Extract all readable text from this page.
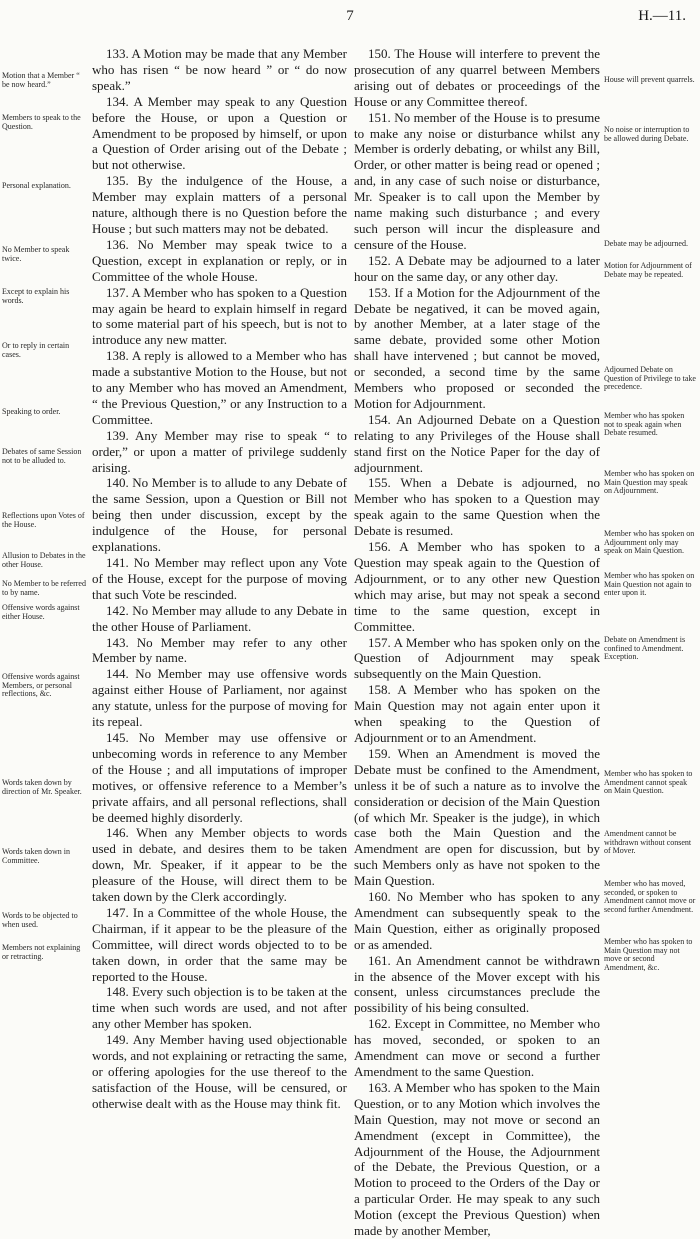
7	H.—11.

133. A Motion may be made that any Member who has risen “ be now heard ” or “ do now speak.”

134. A Member may speak to any Question before the House, or upon a Question or Amendment to be proposed by himself, or upon a Question of Order arising out of the Debate ; but not otherwise.

135. By the indulgence of the House, a Member may explain matters of a personal nature, although there is no Question before the House ; but such matters may not be debated.

136. No Member may speak twice to a Question, except in explanation or reply, or in Committee of the whole House.

137. A Member who has spoken to a Question may again be heard to explain himself in regard to some material part of his speech, but is not to introduce any new matter.

138. A reply is allowed to a Member who has made a substantive Motion to the House, but not to any Member who has moved an Amendment, “ the Previous Question,” or any Instruction to a Committee.

139. Any Member may rise to speak “ to order,” or upon a matter of privilege suddenly arising.

140. No Member is to allude to any Debate of the same Session, upon a Question or Bill not being then under discussion, except by the indulgence of the House, for personal explanations.

141. No Member may reflect upon any Vote of the House, except for the purpose of moving that such Vote be rescinded.

142. No Member may allude to any Debate in the other House of Parliament.

143. No Member may refer to any other Member by name.

144. No Member may use offensive words against either House of Parliament, nor against any statute, unless for the purpose of moving for its repeal.

145. No Member may use offensive or unbecoming words in reference to any Member of the House ; and all imputations of improper motives, or offensive reference to a Member’s private affairs, and all personal reflections, shall be deemed highly disorderly.

146. When any Member objects to words used in debate, and desires them to be taken down, Mr. Speaker, if it appear to be the pleasure of the House, will direct them to be taken down by the Clerk accordingly.

147. In a Committee of the whole House, the Chairman, if it appear to be the pleasure of the Committee, will direct words objected to to be taken down, in order that the same may be reported to the House.

148. Every such objection is to be taken at the time when such words are used, and not after any other Member has spoken.

149. Any Member having used objectionable words, and not explaining or retracting the same, or offering apologies for the use thereof to the satisfaction of the House, will be censured, or otherwise dealt with as the House may think fit.

Motion that a Member “ be now heard.”
Members to speak to the Question.
Personal explanation.
No Member to speak twice.
Except to explain his words.
Or to reply in certain cases.
Speaking to order.
Debates of same Session not to be alluded to.
Reflections upon Votes of the House.
Allusion to Debates in the other House.
No Member to be referred to by name.
Offensive words against either House.
Offensive words against Members, or personal reflections, &c.
Words taken down by direction of Mr. Speaker.
Words taken down in Committee.
Words to be objected to when used.
Members not explaining or retracting.

150. The House will interfere to prevent the prosecution of any quarrel between Members arising out of debates or proceedings of the House or any Committee thereof.

151. No member of the House is to presume to make any noise or disturbance whilst any Member is orderly debating, or whilst any Bill, Order, or other matter is being read or opened ; and, in any case of such noise or disturbance, Mr. Speaker is to call upon the Member by name making such disturbance ; and every such person will incur the displeasure and censure of the House.

152. A Debate may be adjourned to a later hour on the same day, or any other day.

153. If a Motion for the Adjournment of the Debate be negatived, it can be moved again, by another Member, at a later stage of the same debate, provided some other Motion shall have intervened ; but cannot be moved, or seconded, a second time by the same Members who proposed or seconded the Motion for Adjournment.

154. An Adjourned Debate on a Question relating to any Privileges of the House shall stand first on the Notice Paper for the day of adjournment.

155. When a Debate is adjourned, no Member who has spoken to a Question may speak again to the same Question when the Debate is resumed.

156. A Member who has spoken to a Question may speak again to the Question of Adjournment, or to any other new Question which may arise, but may not speak a second time to the same question, except in Committee.

157. A Member who has spoken only on the Question of Adjournment may speak subsequently on the Main Question.

158. A Member who has spoken on the Main Question may not again enter upon it when speaking to the Question of Adjournment or to an Amendment.

159. When an Amendment is moved the Debate must be confined to the Amendment, unless it be of such a nature as to involve the consideration or decision of the Main Question (of which Mr. Speaker is the judge), in which case both the Main Question and the Amendment are open for discussion, but by such Members only as have not spoken to the Main Question.

160. No Member who has spoken to any Amendment can subsequently speak to the Main Question, either as originally proposed or as amended.

161. An Amendment cannot be withdrawn in the absence of the Mover except with his consent, unless circumstances preclude the possibility of his being consulted.

162. Except in Committee, no Member who has moved, seconded, or spoken to an Amendment can move or second a further Amendment to the same Question.

163. A Member who has spoken to the Main Question, or to any Motion which involves the Main Question, may not move or second an Amendment (except in Committee), the Adjournment of the House, the Adjournment of the Debate, the Previous Question, or a Motion to proceed to the Orders of the Day or a particular Order. He may speak to any such Motion (except the Previous Question) when made by another Member,

House will prevent quarrels.
No noise or interruption to be allowed during Debate.
Debate may be adjourned.
Motion for Adjournment of Debate may be repeated.
Adjourned Debate on Question of Privilege to take precedence.
Member who has spoken not to speak again when Debate resumed.
Member who has spoken on Main Question may speak on Adjournment.
Member who has spoken on Adjournment only may speak on Main Question.
Member who has spoken on Main Question not again to enter upon it.
Debate on Amendment is confined to Amendment. Exception.
Member who has spoken to Amendment cannot speak on Main Question.
Amendment cannot be withdrawn without consent of Mover.
Member who has moved, seconded, or spoken to Amendment cannot move or second further Amendment.
Member who has spoken to Main Question may not move or second Amendment, &c.
